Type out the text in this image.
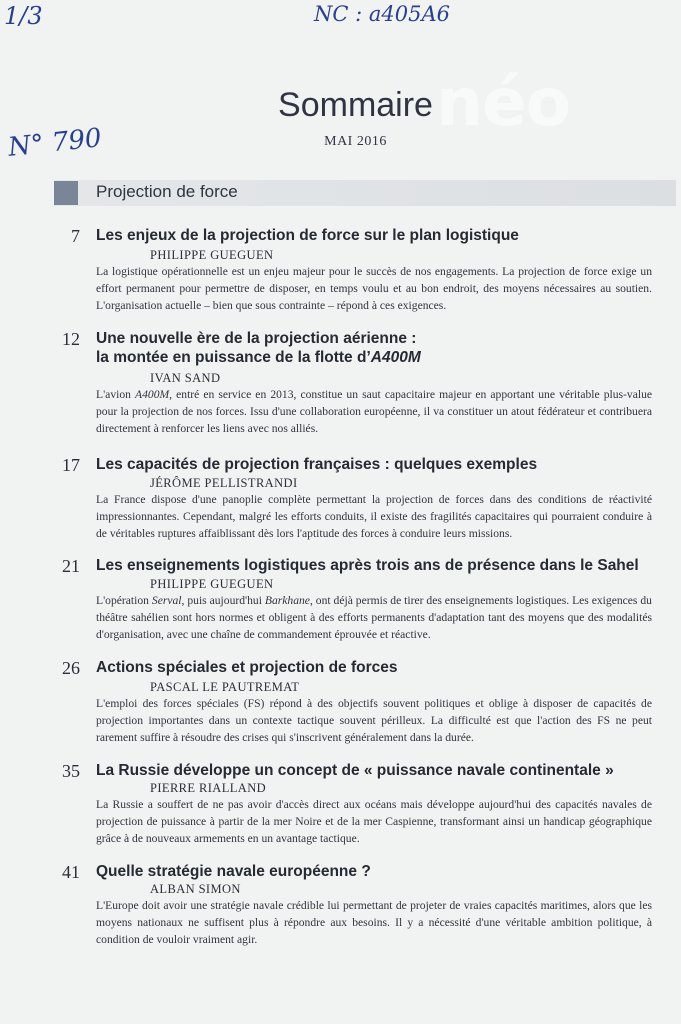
1/3	NC : a405A6
N° 790
néo
Sommaire
MAI 2016
Projection de force
7 Les enjeux de la projection de force sur le plan logistique
PHILIPPE GUEGUEN
La logistique opérationnelle est un enjeu majeur pour le succès de nos engagements. La projection de force exige un effort permanent pour permettre de disposer, en temps voulu et au bon endroit, des moyens nécessaires au soutien. L'organisation actuelle – bien que sous contrainte – répond à ces exigences.
12 Une nouvelle ère de la projection aérienne :
la montée en puissance de la flotte d’A400M
IVAN SAND
L'avion A400M, entré en service en 2013, constitue un saut capacitaire majeur en apportant une véritable plus-value pour la projection de nos forces. Issu d'une collaboration européenne, il va constituer un atout fédérateur et contribuera directement à renforcer les liens avec nos alliés.
17 Les capacités de projection françaises : quelques exemples
JÉRÔME PELLISTRANDI
La France dispose d'une panoplie complète permettant la projection de forces dans des conditions de réactivité impressionnantes. Cependant, malgré les efforts conduits, il existe des fragilités capacitaires qui pourraient conduire à de véritables ruptures affaiblissant dès lors l'aptitude des forces à conduire leurs missions.
21 Les enseignements logistiques après trois ans de présence dans le Sahel
PHILIPPE GUEGUEN
L'opération Serval, puis aujourd'hui Barkhane, ont déjà permis de tirer des enseignements logistiques. Les exigences du théâtre sahélien sont hors normes et obligent à des efforts permanents d'adaptation tant des moyens que des modalités d'organisation, avec une chaîne de commandement éprouvée et réactive.
26 Actions spéciales et projection de forces
PASCAL LE PAUTREMAT
L'emploi des forces spéciales (FS) répond à des objectifs souvent politiques et oblige à disposer de capacités de projection importantes dans un contexte tactique souvent périlleux. La difficulté est que l'action des FS ne peut rarement suffire à résoudre des crises qui s'inscrivent généralement dans la durée.
35 La Russie développe un concept de « puissance navale continentale »
PIERRE RIALLAND
La Russie a souffert de ne pas avoir d'accès direct aux océans mais développe aujourd'hui des capacités navales de projection de puissance à partir de la mer Noire et de la mer Caspienne, transformant ainsi un handicap géographique grâce à de nouveaux armements en un avantage tactique.
41 Quelle stratégie navale européenne ?
ALBAN SIMON
L'Europe doit avoir une stratégie navale crédible lui permettant de projeter de vraies capacités maritimes, alors que les moyens nationaux ne suffisent plus à répondre aux besoins. Il y a nécessité d'une véritable ambition politique, à condition de vouloir vraiment agir.
